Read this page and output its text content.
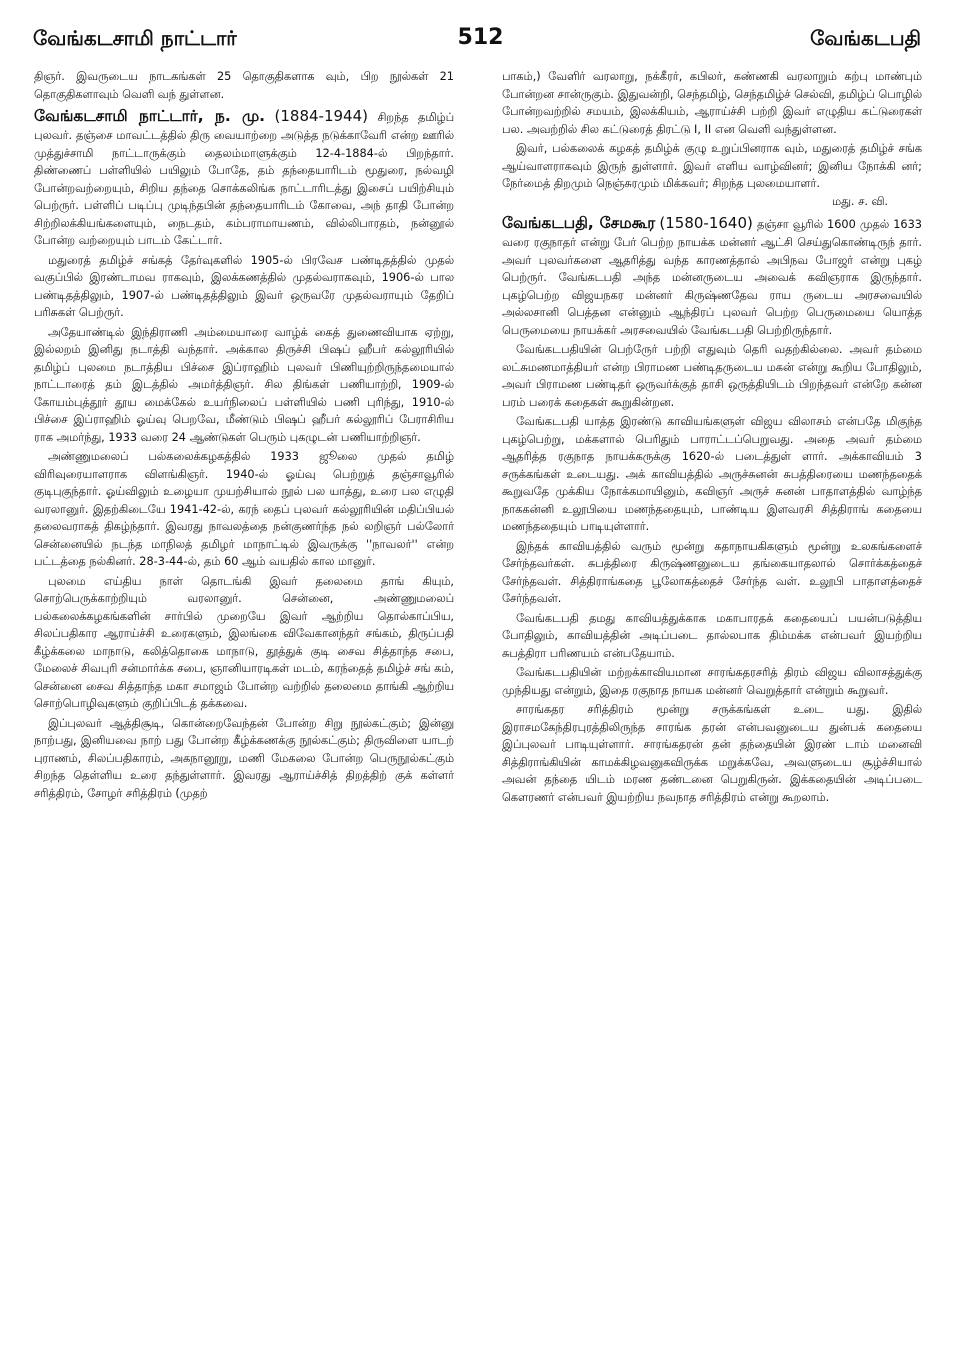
வேங்கடசாமி நாட்டார்	512	வேங்கடபதி

திஞர். இவருடைய நாடகங்கள் 25 தொகுதிகளாக வும், பிற நூல்கள் 21 தொகுதிகளாவும் வெளி வந் துள்ளன.

வேங்கடசாமி நாட்டார், ந. மு. (1884-1944) சிறந்த தமிழ்ப் புலவர். தஞ்சை மாவட்டத்தில் திரு வையாற்றை அடுத்த நடுக்காவேரி என்ற ஊரில் முத்துச்சாமி நாட்டாருக்கும் தைலம்மாளுக்கும் 12-4-1884-ல் பிறந்தார். திண்ணைப் பள்ளியில் பயிலும் போதே, தம் தந்தையாரிடம் மூதுரை, நல்வழி போன்றவற்றையும், சிறிய தந்தை சொக்கலிங்க நாட்டாரிடத்து இசைப் பயிற்சியும் பெற்ருர். பள்ளிப் படிப்பு முடிந்தபின் தந்தையாரிடம் கோவை, அந் தாதி போன்ற சிற்றிலக்கியங்களையும், நைடதம், கம்பராமாயணம், வில்லிபாரதம், நன்னூல் போன்ற வற்றையும் பாடம் கேட்டார்.

மதுரைத் தமிழ்ச் சங்கத் தேர்வுகளில் 1905-ல் பிரவேச பண்டிதத்தில் முதல் வகுப்பில் இரண்டாமவ ராகவும், இலக்கணத்தில் முதல்வராகவும், 1906-ல் பால பண்டிதத்திலும், 1907-ல் பண்டிதத்திலும் இவர் ஒருவரே முதல்வராயும் தேறிப் பரிசுகள் பெற்ருர்.

அதேயாண்டில் இந்திராணி அம்மையாரை வாழ்க் கைத் துணைவியாக ஏற்று, இல்லறம் இனிது நடாத்தி வந்தார். அக்கால திருச்சி பிஷப் ஹீபர் கல்லூரியில் தமிழ்ப் புலமை நடாத்திய பிச்சை இப்ராஹிம் புலவர் பிணியுற்றிருந்தமையால் நாட்டாரைத் தம் இடத்தில் அமர்த்திஞர். சில திங்கள் பணியாற்றி, 1909-ல் கோயம்புத்தூர் தூய மைக்கேல் உயர்நிலைப் பள்ளியில் பணி புரிந்து, 1910-ல் பிச்சை இப்ராஹிம் ஓய்வு பெறவே, மீண்டும் பிஷப் ஹீபர் கல்லூரிப் பேராசிரிய ராக அமர்ந்து, 1933 வரை 24 ஆண்டுகள் பெரும் புகழுடன் பணியாற்றிஞர்.

அண்ணுமலைப் பல்கலைக்கழகத்தில் 1933 ஜூலை முதல் தமிழ் விரிவுரையாளராக விளங்கிஞர். 1940-ல் ஓய்வு பெற்றுத் தஞ்சாவூரில் குடிபுகுந்தார். ஓய்விலும் உழையா முயற்சியால் நூல் பல யாத்து, உரை பல எழுதி வரலானுர். இதற்கிடையே 1941-42-ல், கரந் தைப் புலவர் கல்லூரியின் மதிப்பியல் தலைவராகத் திகழ்ந்தார். இவரது நாவலத்தை நன்குணர்ந்த நல் லறிஞர் பல்லோர் சென்னையில் நடந்த மாநிலத் தமிழர் மாநாட்டில் இவருக்கு ''நாவலர்'' என்ற பட்டத்தை நல்கினர். 28-3-44-ல், தம் 60 ஆம் வயதில் கால மானுர்.

புலமை எய்திய நாள் தொடங்கி இவர் தலைமை தாங் கியும், சொற்பெருக்காற்றியும் வரலானுர். சென்னை, அண்ணுமலைப் பல்கலைக்கழகங்களின் சார்பில் முறையே இவர் ஆற்றிய தொல்காப்பிய, சிலப்பதிகார ஆராய்ச்சி உரைகளும், இலங்கை விவேகானந்தர் சங்கம், திருப்பதி கீழ்க்கலை மாநாடு, கலித்தொகை மாநாடு, தூத்துக் குடி சைவ சித்தாந்த சபை, மேலைச் சிவபுரி சன்மார்க்க சபை, ஞானியாரடிகள் மடம், கரந்தைத் தமிழ்ச் சங் கம், சென்னை சைவ சித்தாந்த மகா சமாஜம் போன்ற வற்றில் தலைமை தாங்கி ஆற்றிய சொற்பொழிவுகளும் குறிப்பிடத் தக்கவை.

இப்புலவர் ஆத்திசூடி, கொன்றைவேந்தன் போன்ற சிறு நூல்கட்கும்; இன்னு நாற்பது, இனியவை நாற் பது போன்ற கீழ்க்கணக்கு நூல்கட்கும்; திருவிளை யாடற் புராணம், சிலப்பதிகாரம், அகநானூறு, மணி மேகலை போன்ற பெருநூல்கட்கும் சிறந்த தெள்ளிய உரை தந்துள்ளார். இவரது ஆராய்ச்சித் திறத்திற் குக் கள்ளர் சரித்திரம், சோழர் சரித்திரம் (முதற்

பாகம்,) வேளிர் வரலாறு, நக்கீரர், கபிலர், கண்ணகி வரலாறும் கற்பு மாண்பும் போன்றன சான்ருகும். இதுவன்றி, செந்தமிழ், செந்தமிழ்ச் செல்வி, தமிழ்ப் பொழில் போன்றவற்றில் சமயம், இலக்கியம், ஆராய்ச்சி பற்றி இவர் எழுதிய கட்டுரைகள் பல. அவற்றில் சில கட்டுரைத் திரட்டு I, II என வெளி வந்துள்ளன.

இவர், பல்கலைக் கழகத் தமிழ்க் குழு உறுப்பினராக வும், மதுரைத் தமிழ்ச் சங்க ஆய்வாளராகவும் இருந் துள்ளார். இவர் எளிய வாழ்வினர்; இனிய நோக்கி னர்; நேர்மைத் திறமும் நெஞ்சுரமும் மிக்கவர்; சிறந்த புலமையாளர்.
மது. ச. வி.

வேங்கடபதி, சேமகூர (1580-1640) தஞ்சா வூரில் 1600 முதல் 1633 வரை ரகுநாதர் என்று பேர் பெற்ற நாயக்க மன்னர் ஆட்சி செய்துகொண்டிருந் தார். அவர் புலவர்களை ஆதரித்து வந்த காரணத்தால் அபிநவ போஜர் என்று புகழ் பெற்ருர். வேங்கடபதி அந்த மன்னருடைய அவைக் கவிஞராக இருந்தார். புகழ்பெற்ற விஜயநகர மன்னர் கிருஷ்ணதேவ ராய ருடைய அரசவையில் அல்லசானி பெத்தன என்னும் ஆந்திரப் புலவர் பெற்ற பெருமையை யொத்த பெருமையை நாயக்கர் அரசவையில் வேங்கடபதி பெற்றிருந்தார்.

வேங்கடபதியின் பெற்ருேர் பற்றி எதுவும் தெரி வதற்கில்லை. அவர் தம்மை லட்சுமணமாத்தியர் என்ற பிராமண பண்டிதருடைய மகன் என்று கூறிய போதிலும், அவர் பிராமண பண்டிதர் ஒருவர்க்குத் தாசி ஒருத்தியிடம் பிறந்தவர் என்றே கன்ன பரம் பரைக் கதைகள் கூறுகின்றன.

வேங்கடபதி யாத்த இரண்டு காவியங்களுள் விஜய விலாசம் என்பதே மிகுந்த புகழ்பெற்று, மக்களால் பெரிதும் பாராட்டப்பெறுவது. அதை அவர் தம்மை ஆதரித்த ரகுநாத நாயக்கருக்கு 1620-ல் படைத்துள் ளார். அக்காவியம் 3 சருக்கங்கள் உடையது. அக் காவியத்தில் அருச்சுனன் சுபத்திரையை மணந்ததைக் கூறுவதே முக்கிய நோக்கமாயினும், கவிஞர் அருச் சுனன் பாதாளத்தில் வாழ்ந்த நாககன்னி உலூபியை மணந்ததையும், பாண்டிய இளவரசி சித்திராங் கதையை மணந்ததையும் பாடியுள்ளார்.

இந்தக் காவியத்தில் வரும் மூன்று கதாநாயகிகளும் மூன்று உலகங்களைச் சேர்ந்தவர்கள். சுபத்திரை கிருஷ்ணனுடைய தங்கையாதலால் சொர்க்கத்தைச் சேர்ந்தவள். சித்திராங்கதை பூலோகத்தைச் சேர்ந்த வள். உலூபி பாதாளத்தைச் சேர்ந்தவள்.

வேங்கடபதி தமது காவியத்துக்காக மகாபாரதக் கதையைப் பயன்படுத்திய போதிலும், காவியத்தின் அடிப்படை தால்லபாக திம்மக்க என்பவர் இயற்றிய சுபத்திரா பரிணயம் என்பதேயாம்.

வேங்கடபதியின் மற்றக்காவியமான சாரங்கதரசரித் திரம் விஜய விலாசத்துக்கு முந்தியது என்றும், இதை ரகுநாத நாயக மன்னர் வெறுத்தார் என்றும் கூறுவர்.

சாரங்கதர சரித்திரம் மூன்று சருக்கங்கள் உடை யது. இதில் இராசமகேந்திரபுரத்திலிருந்த சாரங்க தரன் என்பவனுடைய துன்பக் கதையை இப்புலவர் பாடியுள்ளார். சாரங்கதரன் தன் தந்தையின் இரண் டாம் மனைவி சித்திராங்கியின் காமக்கிழவனுகவிருக்க மறுக்கவே, அவளுடைய சூழ்ச்சியால் அவன் தந்தை யிடம் மரண தண்டனை பெறுகிருன். இக்கதையின் அடிப்படை கௌரணர் என்பவர் இயற்றிய நவநாத சரித்திரம் என்று கூறலாம்.
